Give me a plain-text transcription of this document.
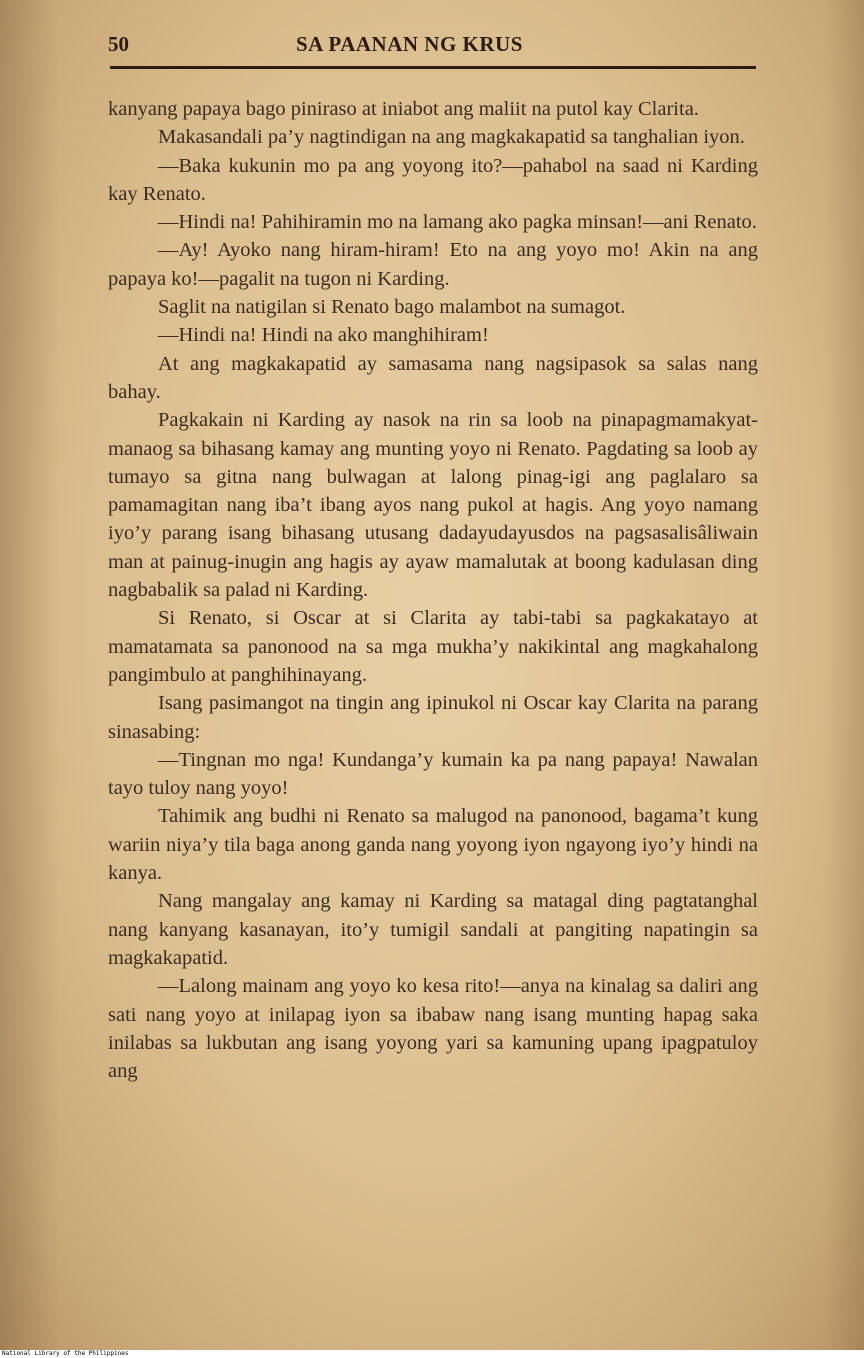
50	SA PAANAN NG KRUS

kanyang papaya bago piniraso at iniabot ang maliit na putol kay Clarita.

Makasandali pa’y nagtindigan na ang magkakapatid sa tanghalian iyon.

—Baka kukunin mo pa ang yoyong ito?—pahabol na saad ni Karding kay Renato.

—Hindi na! Pahihiramin mo na lamang ako pagka minsan!—ani Renato.

—Ay! Ayoko nang hiram-hiram! Eto na ang yoyo mo! Akin na ang papaya ko!—pagalit na tugon ni Karding.

Saglit na natigilan si Renato bago malambot na sumagot.

—Hindi na! Hindi na ako manghihiram!

At ang magkakapatid ay samasama nang nagsipasok sa salas nang bahay.

Pagkakain ni Karding ay nasok na rin sa loob na pinapagmamakyat-manaog sa bihasang kamay ang munting yoyo ni Renato. Pagdating sa loob ay tumayo sa gitna nang bulwagan at lalong pinag-igi ang paglalaro sa pamamagitan nang iba’t ibang ayos nang pukol at hagis. Ang yoyo namang iyo’y parang isang bihasang utusang dadayudayusdos na pagsasalisâliwain man at painug-inugin ang hagis ay ayaw mamalutak at boong kadulasan ding nagbabalik sa palad ni Karding.

Si Renato, si Oscar at si Clarita ay tabi-tabi sa pagkakatayo at mamatamata sa panonood na sa mga mukha’y nakikintal ang magkahalong pangimbulo at panghihinayang.

Isang pasimangot na tingin ang ipinukol ni Oscar kay Clarita na parang sinasabing:

—Tingnan mo nga! Kundanga’y kumain ka pa nang papaya! Nawalan tayo tuloy nang yoyo!

Tahimik ang budhi ni Renato sa malugod na panonood, bagama’t kung wariin niya’y tila baga anong ganda nang yoyong iyon ngayong iyo’y hindi na kanya.

Nang mangalay ang kamay ni Karding sa matagal ding pagtatanghal nang kanyang kasanayan, ito’y tumigil sandali at pangiting napatingin sa magkakapatid.

—Lalong mainam ang yoyo ko kesa rito!—anya na kinalag sa daliri ang sati nang yoyo at inilapag iyon sa ibabaw nang isang munting hapag saka inilabas sa lukbutan ang isang yoyong yari sa kamuning upang ipagpatuloy ang

National Library of the Philippines
